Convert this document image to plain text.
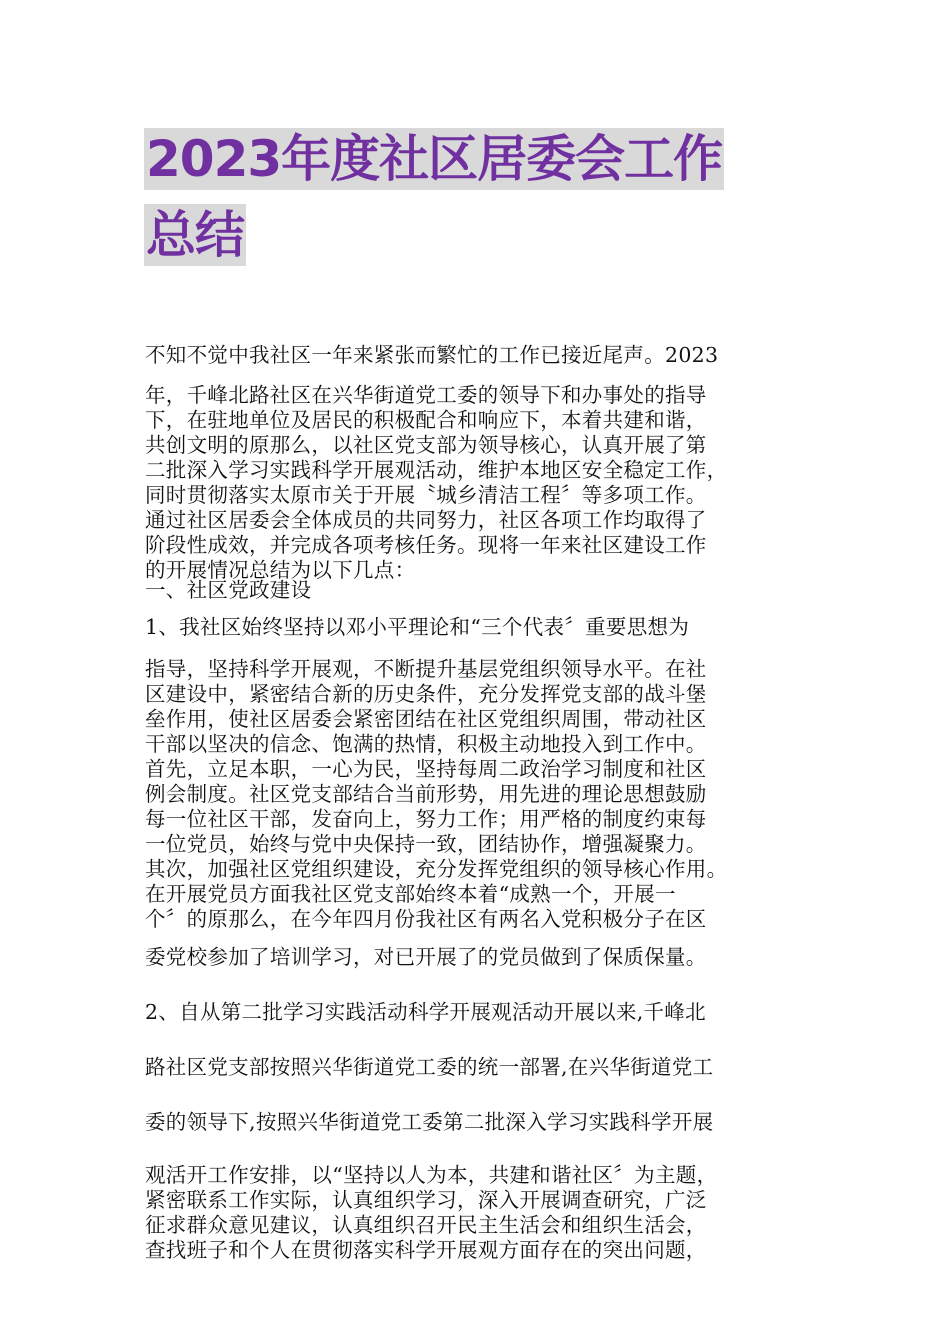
2023年度社区居委会工作
总结
不知不觉中我社区一年来紧张而繁忙的工作已接近尾声。2023
年，千峰北路社区在兴华街道党工委的领导下和办事处的指导
下，在驻地单位及居民的积极配合和响应下，本着共建和谐，
共创文明的原那么，以社区党支部为领导核心，认真开展了第
二批深入学习实践科学开展观活动，维护本地区安全稳定工作，
同时贯彻落实太原市关于开展〝城乡清洁工程〞等多项工作。
通过社区居委会全体成员的共同努力，社区各项工作均取得了
阶段性成效，并完成各项考核任务。现将一年来社区建设工作
的开展情况总结为以下几点：
一、社区党政建设
1、我社区始终坚持以邓小平理论和“三个代表〞重要思想为
指导，坚持科学开展观，不断提升基层党组织领导水平。在社
区建设中，紧密结合新的历史条件，充分发挥党支部的战斗堡
垒作用，使社区居委会紧密团结在社区党组织周围，带动社区
干部以坚决的信念、饱满的热情，积极主动地投入到工作中。
首先，立足本职，一心为民，坚持每周二政治学习制度和社区
例会制度。社区党支部结合当前形势，用先进的理论思想鼓励
每一位社区干部，发奋向上，努力工作；用严格的制度约束每
一位党员，始终与党中央保持一致，团结协作，增强凝聚力。
其次，加强社区党组织建设，充分发挥党组织的领导核心作用。
在开展党员方面我社区党支部始终本着“成熟一个，开展一
个〞的原那么，在今年四月份我社区有两名入党积极分子在区
委党校参加了培训学习，对已开展了的党员做到了保质保量。
2、自从第二批学习实践活动科学开展观活动开展以来,千峰北
路社区党支部按照兴华街道党工委的统一部署,在兴华街道党工
委的领导下,按照兴华街道党工委第二批深入学习实践科学开展
观活开工作安排，以“坚持以人为本，共建和谐社区〞为主题，
紧密联系工作实际，认真组织学习，深入开展调查研究，广泛
征求群众意见建议，认真组织召开民主生活会和组织生活会，
查找班子和个人在贯彻落实科学开展观方面存在的突出问题，
